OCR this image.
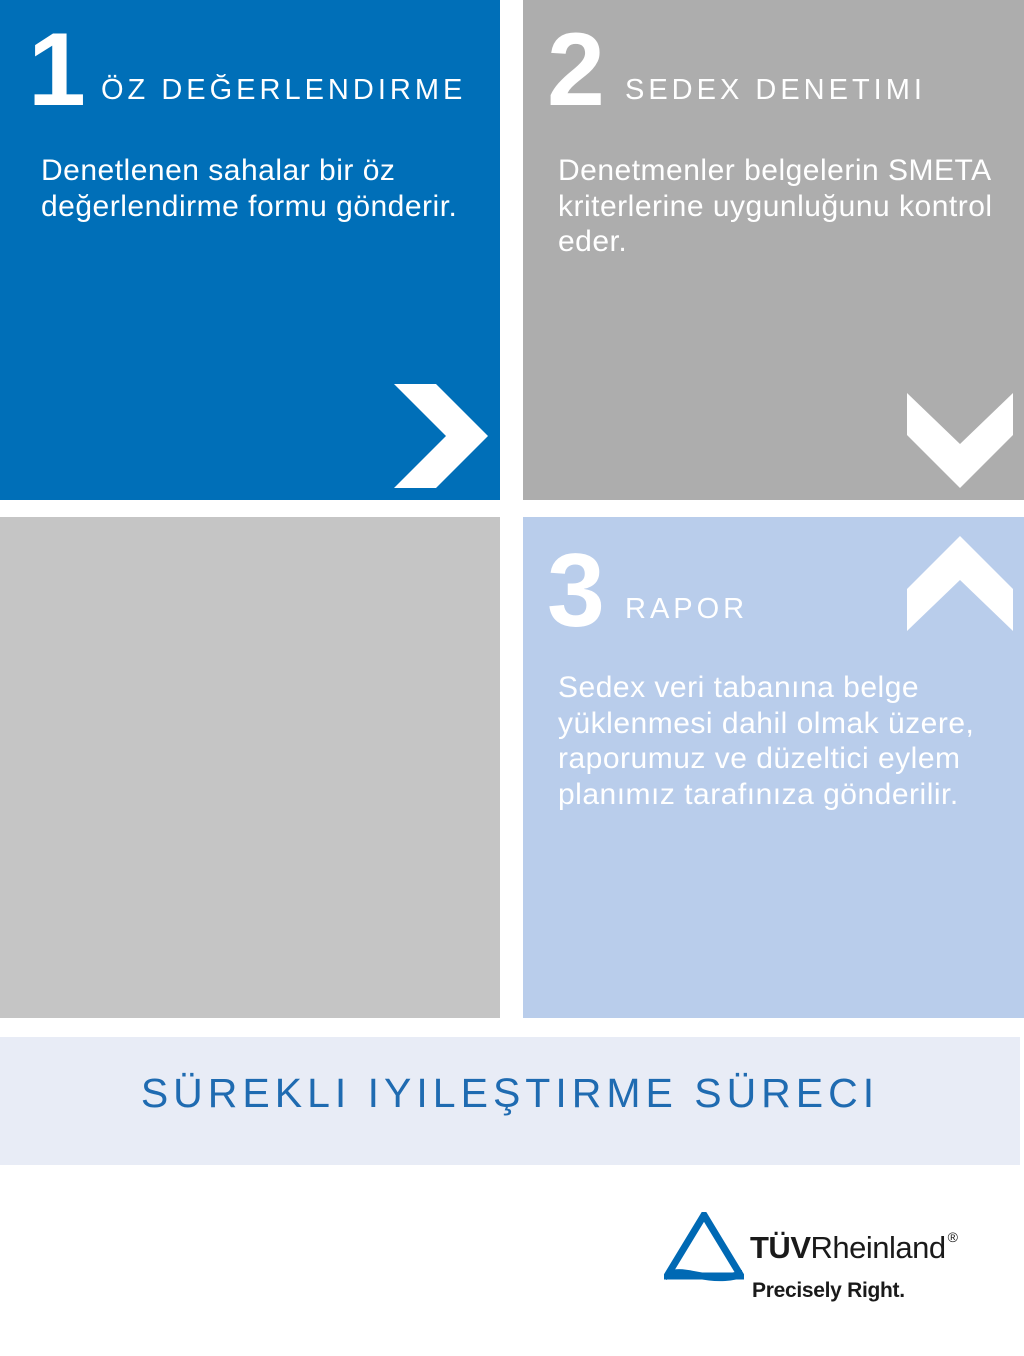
1 ÖZ DEĞERLENDIRME

Denetlenen sahalar bir öz değerlendirme formu gönderir.

2 SEDEX DENETIMI

Denetmenler belgelerin SMETA kriterlerine uygunluğunu kontrol eder.

3 RAPOR

Sedex veri tabanına belge yüklenmesi dahil olmak üzere, raporumuz ve düzeltici eylem planımız tarafınıza gönderilir.

SÜREKLI IYILEŞTIRME SÜRECI
TÜVRheinland ®
Precisely Right.
